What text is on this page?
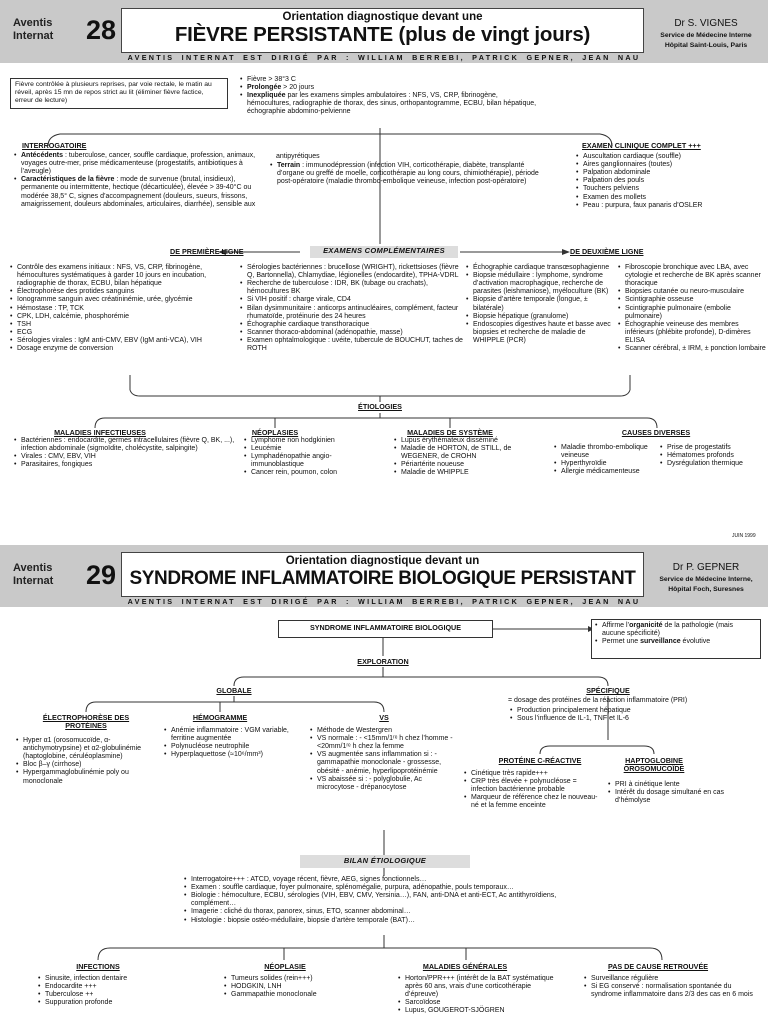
Aventis
Internat 28	Orientation diagnostique devant une
FIÈVRE PERSISTANTE (plus de vingt jours)	Dr S. VIGNES
Service de Médecine Interne
Hôpital Saint-Louis, Paris
AVENTIS INTERNAT EST DIRIGÉ PAR : WILLIAM BERREBI, PATRICK GEPNER, JEAN NAU
Fièvre contrôlée à plusieurs reprises, par voie rectale, le matin au réveil, après 15 mn de repos strict au lit (éliminer fièvre factice, erreur de lecture)
• Fièvre > 38°3 C
• Prolongée > 20 jours
• Inexpliquée par les examens simples ambulatoires : NFS, VS, CRP, fibrinogène, hémocultures, radiographie de thorax, des sinus, orthopantogramme, ECBU, bilan hépatique, échographie abdomino-pelvienne
INTERROGATOIRE
• Antécédents : tuberculose, cancer, souffle cardiaque, profession, animaux, voyages outre-mer, prise médicamenteuse (progestatifs, antibiotiques à l’aveugle)
• Caractéristiques de la fièvre : mode de survenue (brutal, insidieux), permanente ou intermittente, hectique (décarticulée), élevée > 39-40°C ou modérée 38,5° C, signes d’accompagnement (douleurs, sueurs, frissons, amaigrissement, douleurs abdominales, articulaires, diarrhée), sensible aux
antipyrétiques
• Terrain : immunodépression (infection VIH, corticothérapie, diabète, transplanté d’organe ou greffé de moelle, corticothérapie au long cours, chimiothérapie), période post-opératoire (maladie thrombo-embolique veineuse, infection post-opératoire)
EXAMEN CLINIQUE COMPLET +++
• Auscultation cardiaque (souffle)
• Aires ganglionnaires (toutes)
• Palpation abdominale
• Palpation des pouls
• Touchers pelviens
• Examen des mollets
• Peau : purpura, faux panaris d’OSLER
EXAMENS COMPLÉMENTAIRES
DE PREMIÈRE LIGNE	DE DEUXIÈME LIGNE
• Contrôle des examens initiaux : NFS, VS, CRP, fibrinogène, hémocultures systématiques à garder 10 jours en incubation, radiographie de thorax, ECBU, bilan hépatique
• Électrophorèse des protides sanguins
• Ionogramme sanguin avec créatininémie, urée, glycémie
• Hémostase : TP, TCK
• CPK, LDH, calcémie, phosphorémie
• TSH
• ECG
• Sérologies virales : IgM anti-CMV, EBV (IgM anti-VCA), VIH
• Dosage enzyme de conversion
• Sérologies bactériennes : brucellose (WRIGHT), rickettsioses (fièvre Q, Bartonnella), Chlamydiae, légionelles (endocardite), TPHA-VDRL
• Recherche de tuberculose : IDR, BK (tubage ou crachats), hémocultures BK
• Si VIH positif : charge virale, CD4
• Bilan dysimmunitaire : anticorps antinucléaires, complément, facteur rhumatoïde, protéinurie des 24 heures
• Échographie cardiaque transthoracique
• Scanner thoraco-abdominal (adénopathie, masse)
• Examen ophtalmologique : uvéite, tubercule de BOUCHUT, taches de ROTH
• Échographie cardiaque transœsophagienne
• Biopsie médullaire : lymphome, syndrome d’activation macrophagique, recherche de parasites (leishmaniose), myéloculture (BK)
• Biopsie d’artère temporale (longue, ± bilatérale)
• Biopsie hépatique (granulome)
• Endoscopies digestives haute et basse avec biopsies et recherche de maladie de WHIPPLE (PCR)
• Fibroscopie bronchique avec LBA, avec cytologie et recherche de BK après scanner thoracique
• Biopsies cutanée ou neuro-musculaire
• Scintigraphie osseuse
• Scintigraphie pulmonaire (embolie pulmonaire)
• Échographie veineuse des membres inférieurs (phlébite profonde), D-dimères ELISA
• Scanner cérébral, ± IRM, ± ponction lombaire
ÉTIOLOGIES
MALADIES INFECTIEUSES
• Bactériennes : endocardite, germes intracellulaires (fièvre Q, BK, ...), infection abdominale (sigmoïdite, cholécystite, salpingite)
• Virales : CMV, EBV, VIH
• Parasitaires, fongiques
NÉOPLASIES
• Lymphome non hodgkinien
• Leucémie
• Lymphadénopathie angio-immunoblastique
• Cancer rein, poumon, colon
MALADIES DE SYSTÈME
• Lupus érythémateux disséminé
• Maladie de HORTON, de STILL, de WEGENER, de CROHN
• Périartérite noueuse
• Maladie de WHIPPLE
CAUSES DIVERSES
• Maladie thrombo-embolique veineuse
• Hyperthyroïdie
• Allergie médicamenteuse
• Prise de progestatifs
• Hématomes profonds
• Dysrégulation thermique
JUIN 1999
Aventis
Internat 29	Orientation diagnostique devant un
SYNDROME INFLAMMATOIRE BIOLOGIQUE PERSISTANT
Dr P. GEPNER
Service de Médecine Interne,
Hôpital Foch, Suresnes
AVENTIS INTERNAT EST DIRIGÉ PAR : WILLIAM BERREBI, PATRICK GEPNER, JEAN NAU
SYNDROME INFLAMMATOIRE BIOLOGIQUE
•	Affirme l’organicité de la pathologie (mais aucune spécificité)
• Permet une surveillance évolutive
EXPLORATION
GLOBALE	SPÉCIFIQUE
= dosage des protéines de la réaction inflammatoire (PRI)
• Production principalement hépatique
• Sous l’influence de IL-1, TNF et IL-6
ÉLECTROPHORÈSE DES PROTÉINES
• Hyper α1 (orosomucoïde, α-antichymotrypsine) et α2-globulinémie (haptoglobine, céruléoplasmine)
• Bloc β–γ (cirrhose)
• Hypergammaglobulinémie poly ou monoclonale
HÉMOGRAMME
• Anémie inflammatoire : VGM variable, ferritine augmentée
• Polynucléose neutrophile
• Hyperplaquettose (≈10⁶/mm³)
VS
• Méthode de Westergren
• VS normale : - <15mm/1ʳᵉ h chez l’homme - <20mm/1ʳᵉ h chez la femme
• VS augmentée sans inflammation si : - gammapathie monoclonale - grossesse, obésité - anémie, hyperlipoprotéinémie
• VS abaissée si : - polyglobulie, Ac microcytose - drépanocytose
PROTÉINE C-RÉACTIVE
• Cinétique très rapide+++
• CRP très élevée + polynucléose = infection bactérienne probable
• Marqueur de référence chez le nouveau-né et la femme enceinte
HAPTOGLOBINE OROSOMUCOÏDE
• PRI à cinétique lente
• Intérêt du dosage simultané en cas d’hémolyse
BILAN ÉTIOLOGIQUE
• Interrogatoire+++ : ATCD, voyage récent, fièvre, AEG, signes fonctionnels…
• Examen : souffle cardiaque, foyer pulmonaire, splénomégalie, purpura, adénopathie, pouls temporaux…
• Biologie : hémoculture, ECBU, sérologies (VIH, EBV, CMV, Yersinia…), FAN, anti-DNA et anti-ECT, Ac antithyroïdiens, complément…
• Imagerie : cliché du thorax, panorex, sinus, ETO, scanner abdominal…
• Histologie : biopsie ostéo-médullaire, biopsie d’artère temporale (BAT)…
INFECTIONS
• Sinusite, infection dentaire
• Endocardite +++
• Tuberculose ++
• Suppuration profonde
NÉOPLASIE
• Tumeurs solides (rein+++)
• HODGKIN, LNH
• Gammapathie monoclonale
MALADIES GÉNÉRALES
• Horton/PPR+++ (intérêt de la BAT systématique après 60 ans, vrais d’une corticothérapie d’épreuve)
• Sarcoïdose
• Lupus, GOUGEROT-SJÖGREN
PAS DE CAUSE RETROUVÉE
• Surveillance régulière
• Si EG conservé : normalisation spontanée du syndrome inflammatoire dans 2/3 des cas en 6 mois
